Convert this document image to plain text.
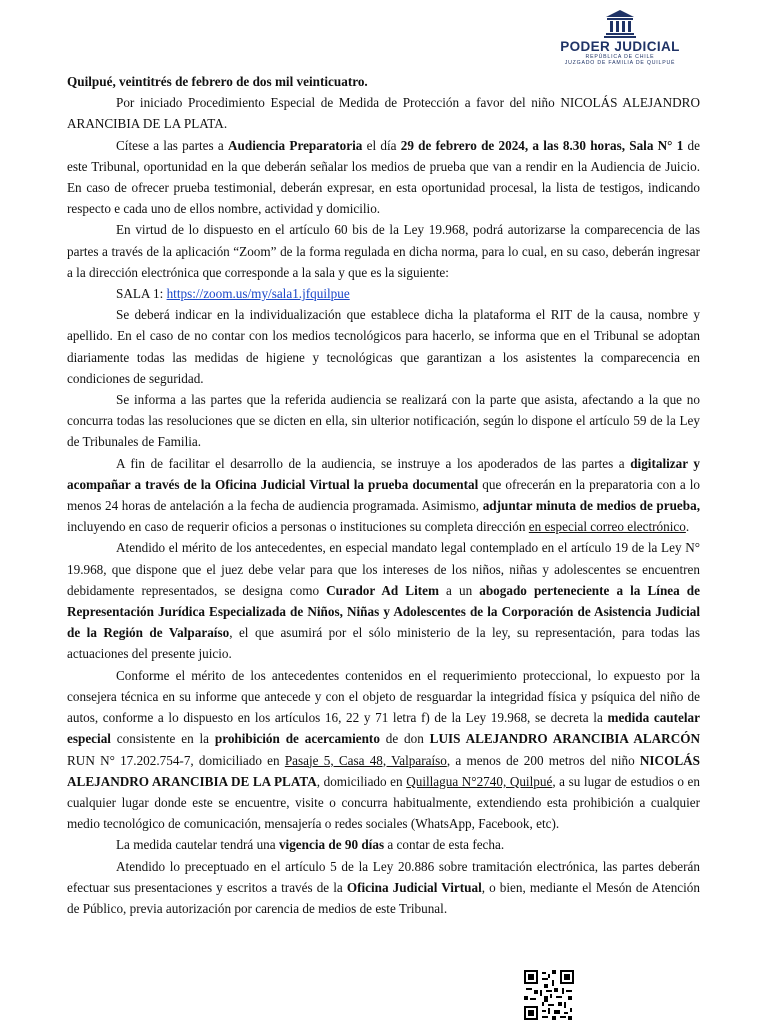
PODER JUDICIAL
REPÚBLICA DE CHILE
JUZGADO DE FAMILIA DE QUILPUÉ

Quilpué, veintitrés de febrero de dos mil veinticuatro.

Por iniciado Procedimiento Especial de Medida de Protección a favor del niño NICOLÁS ALEJANDRO ARANCIBIA DE LA PLATA.

Cítese a las partes a Audiencia Preparatoria el día 29 de febrero de 2024, a las 8.30 horas, Sala N° 1 de este Tribunal, oportunidad en la que deberán señalar los medios de prueba que van a rendir en la Audiencia de Juicio. En caso de ofrecer prueba testimonial, deberán expresar, en esta oportunidad procesal, la lista de testigos, indicando respecto e cada uno de ellos nombre, actividad y domicilio.

En virtud de lo dispuesto en el artículo 60 bis de la Ley 19.968, podrá autorizarse la comparecencia de las partes a través de la aplicación “Zoom” de la forma regulada en dicha norma, para lo cual, en su caso, deberán ingresar a la dirección electrónica que corresponde a la sala y que es la siguiente:

SALA 1: https://zoom.us/my/sala1.jfquilpue

Se deberá indicar en la individualización que establece dicha la plataforma el RIT de la causa, nombre y apellido. En el caso de no contar con los medios tecnológicos para hacerlo, se informa que en el Tribunal se adoptan diariamente todas las medidas de higiene y tecnológicas que garantizan a los asistentes la comparecencia en condiciones de seguridad.

Se informa a las partes que la referida audiencia se realizará con la parte que asista, afectando a la que no concurra todas las resoluciones que se dicten en ella, sin ulterior notificación, según lo dispone el artículo 59 de la Ley de Tribunales de Familia.

A fin de facilitar el desarrollo de la audiencia, se instruye a los apoderados de las partes a digitalizar y acompañar a través de la Oficina Judicial Virtual la prueba documental que ofrecerán en la preparatoria con a lo menos 24 horas de antelación a la fecha de audiencia programada. Asimismo, adjuntar minuta de medios de prueba, incluyendo en caso de requerir oficios a personas o instituciones su completa dirección en especial correo electrónico.

Atendido el mérito de los antecedentes, en especial mandato legal contemplado en el artículo 19 de la Ley N° 19.968, que dispone que el juez debe velar para que los intereses de los niños, niñas y adolescentes se encuentren debidamente representados, se designa como Curador Ad Litem a un abogado perteneciente a la Línea de Representación Jurídica Especializada de Niños, Niñas y Adolescentes de la Corporación de Asistencia Judicial de la Región de Valparaíso, el que asumirá por el sólo ministerio de la ley, su representación, para todas las actuaciones del presente juicio.

Conforme el mérito de los antecedentes contenidos en el requerimiento proteccional, lo expuesto por la consejera técnica en su informe que antecede y con el objeto de resguardar la integridad física y psíquica del niño de autos, conforme a lo dispuesto en los artículos 16, 22 y 71 letra f) de la Ley 19.968, se decreta la medida cautelar especial consistente en la prohibición de acercamiento de don LUIS ALEJANDRO ARANCIBIA ALARCÓN RUN N° 17.202.754-7, domiciliado en Pasaje 5, Casa 48, Valparaíso, a menos de 200 metros del niño NICOLÁS ALEJANDRO ARANCIBIA DE LA PLATA, domiciliado en Quillagua N°2740, Quilpué, a su lugar de estudios o en cualquier lugar donde este se encuentre, visite o concurra habitualmente, extendiendo esta prohibición a cualquier medio tecnológico de comunicación, mensajería o redes sociales (WhatsApp, Facebook, etc).

La medida cautelar tendrá una vigencia de 90 días a contar de esta fecha.

Atendido lo preceptuado en el artículo 5 de la Ley 20.886 sobre tramitación electrónica, las partes deberán efectuar sus presentaciones y escritos a través de la Oficina Judicial Virtual, o bien, mediante el Mesón de Atención de Público, previa autorización por carencia de medios de este Tribunal.
